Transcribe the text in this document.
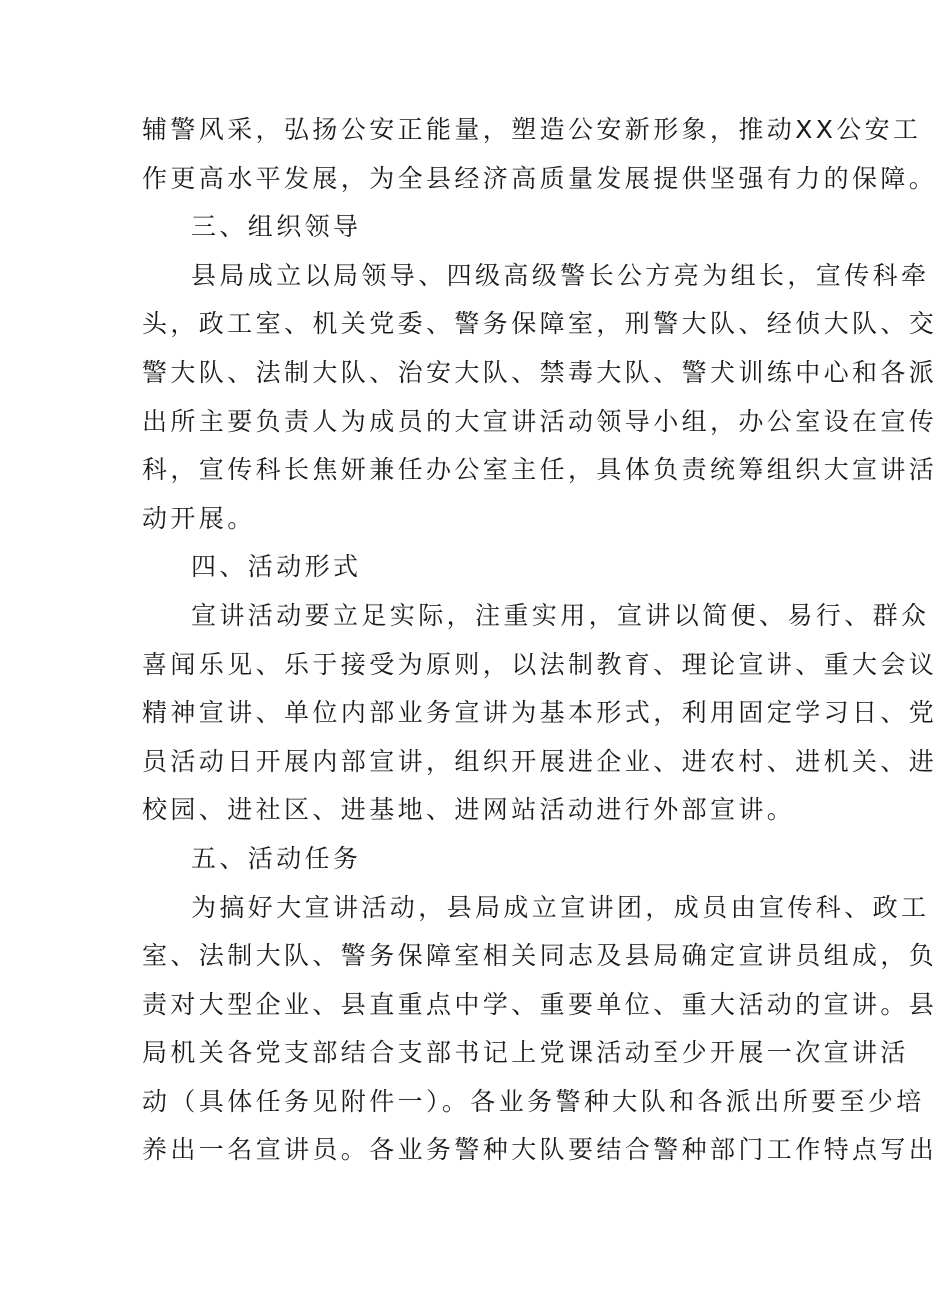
辅警风采，弘扬公安正能量，塑造公安新形象，推动XX公安工
作更高水平发展，为全县经济高质量发展提供坚强有力的保障。
三、组织领导
县局成立以局领导、四级高级警长公方亮为组长，宣传科牵
头，政工室、机关党委、警务保障室，刑警大队、经侦大队、交
警大队、法制大队、治安大队、禁毒大队、警犬训练中心和各派
出所主要负责人为成员的大宣讲活动领导小组，办公室设在宣传
科，宣传科长焦妍兼任办公室主任，具体负责统筹组织大宣讲活
动开展。
四、活动形式
宣讲活动要立足实际，注重实用，宣讲以简便、易行、群众
喜闻乐见、乐于接受为原则，以法制教育、理论宣讲、重大会议
精神宣讲、单位内部业务宣讲为基本形式，利用固定学习日、党
员活动日开展内部宣讲，组织开展进企业、进农村、进机关、进
校园、进社区、进基地、进网站活动进行外部宣讲。
五、活动任务
为搞好大宣讲活动，县局成立宣讲团，成员由宣传科、政工
室、法制大队、警务保障室相关同志及县局确定宣讲员组成，负
责对大型企业、县直重点中学、重要单位、重大活动的宣讲。县
局机关各党支部结合支部书记上党课活动至少开展一次宣讲活
动（具体任务见附件一）。各业务警种大队和各派出所要至少培
养出一名宣讲员。各业务警种大队要结合警种部门工作特点写出
